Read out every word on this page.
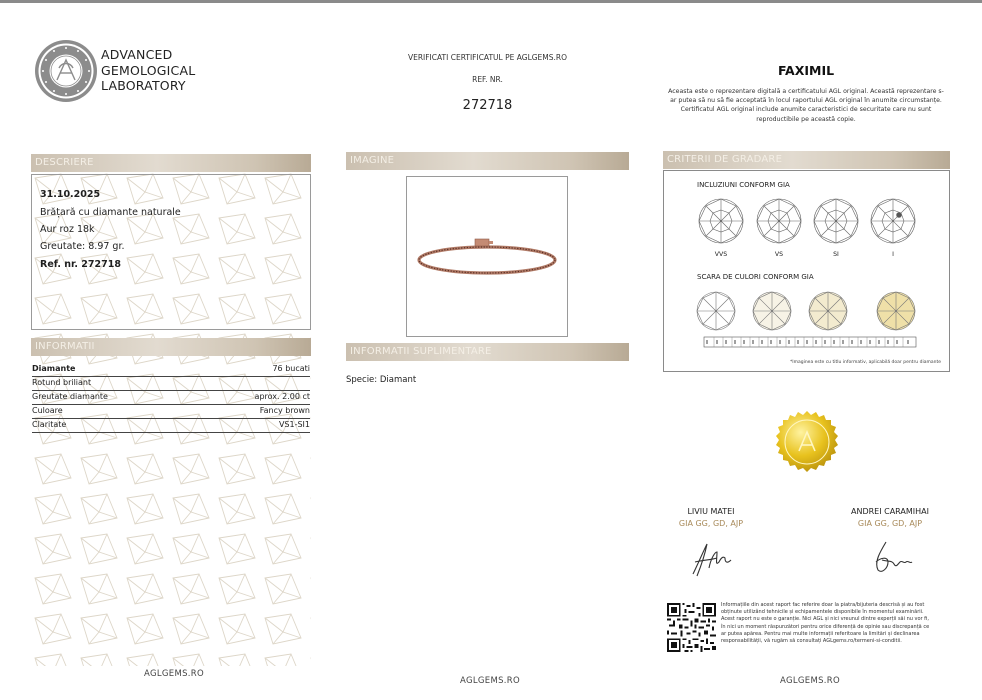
ADVANCED
GEMOLOGICAL
LABORATORY
VERIFICATI CERTIFICATUL PE AGLGEMS.RO
REF. NR.
272718
FAXIMIL
Aceasta este o reprezentare digitală a certificatului AGL original. Această reprezentare s-
ar putea să nu să fie acceptată în locul raportului AGL original în anumite circumstanțe.
Certificatul AGL original include anumite caracteristici de securitate care nu sunt
reproductibile pe această copie.
DESCRIERE
31.10.2025
Brățară cu diamante naturale
Aur roz 18k
Greutate: 8.97 gr.
Ref. nr. 272718
INFORMATII
Diamante	76 bucati
Rotund briliant
Greutate diamante	aprox. 2.00 ct
Culoare	Fancy brown
Claritate	VS1-SI1
AGLGEMS.RO
IMAGINE
INFORMATII SUPLIMENTARE
Specie: Diamant
AGLGEMS.RO
CRITERII DE GRADARE
INCLUZIUNI CONFORM GIA
VVS	VS	SI	I
SCARA DE CULORI CONFORM GIA
*Imaginea este cu titlu informativ, aplicabilă doar pentru diamante
LIVIU MATEI
GIA GG, GD, AJP
ANDREI CARAMIHAI
GIA GG, GD, AJP
Informațiile din acest raport fac referire doar la piatra/bijuteria descrisă și au fost
obținute utilizând tehnicile și echipamentele disponibile în momentul examinării.
Acest raport nu este o garanție. Nici AGL și nici vreunul dintre experții săi nu vor fi,
în nici un moment răspunzători pentru orice diferență de opinie sau discrepanță ce
ar putea apărea. Pentru mai multe informații referitoare la limitări și declinarea
responsabilității, vă rugăm să consultați AGLgems.ro/termeni-si-conditii.
AGLGEMS.RO
